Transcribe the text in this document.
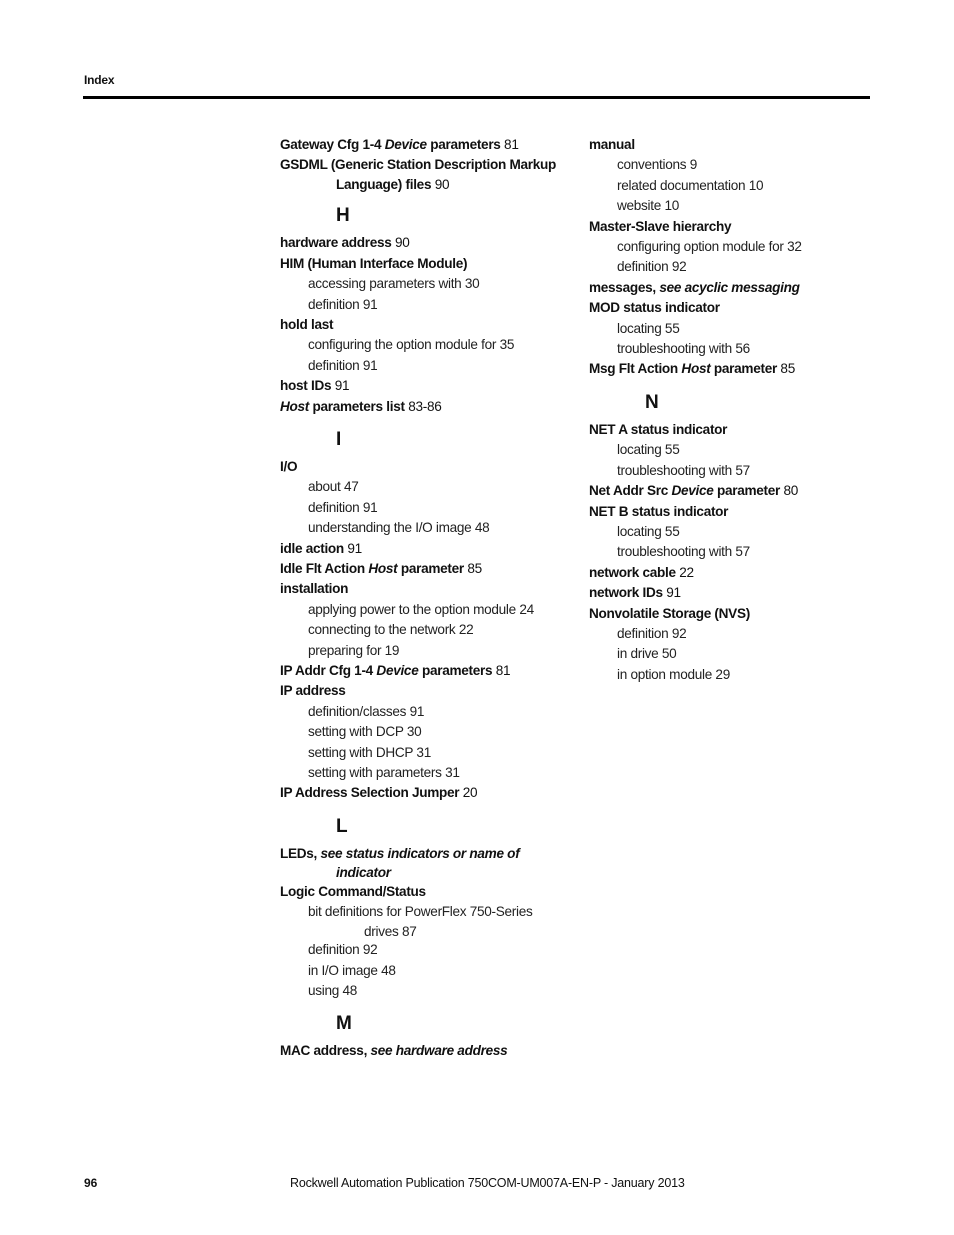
Index
Gateway Cfg 1-4 Device parameters 81
GSDML (Generic Station Description Markup
Language) files 90
H
hardware address 90
HIM (Human Interface Module)
accessing parameters with 30
definition 91
hold last
configuring the option module for 35
definition 91
host IDs 91
Host parameters list 83-86
I
I/O
about 47
definition 91
understanding the I/O image 48
idle action 91
Idle Flt Action Host parameter 85
installation
applying power to the option module 24
connecting to the network 22
preparing for 19
IP Addr Cfg 1-4 Device parameters 81
IP address
definition/classes 91
setting with DCP 30
setting with DHCP 31
setting with parameters 31
IP Address Selection Jumper 20
L
LEDs, see status indicators or name of
indicator
Logic Command/Status
bit definitions for PowerFlex 750-Series
drives 87
definition 92
in I/O image 48
using 48
M
MAC address, see hardware address
manual
conventions 9
related documentation 10
website 10
Master-Slave hierarchy
configuring option module for 32
definition 92
messages, see acyclic messaging
MOD status indicator
locating 55
troubleshooting with 56
Msg Flt Action Host parameter 85
N
NET A status indicator
locating 55
troubleshooting with 57
Net Addr Src Device parameter 80
NET B status indicator
locating 55
troubleshooting with 57
network cable 22
network IDs 91
Nonvolatile Storage (NVS)
definition 92
in drive 50
in option module 29
96	Rockwell Automation Publication 750COM-UM007A-EN-P - January 2013
